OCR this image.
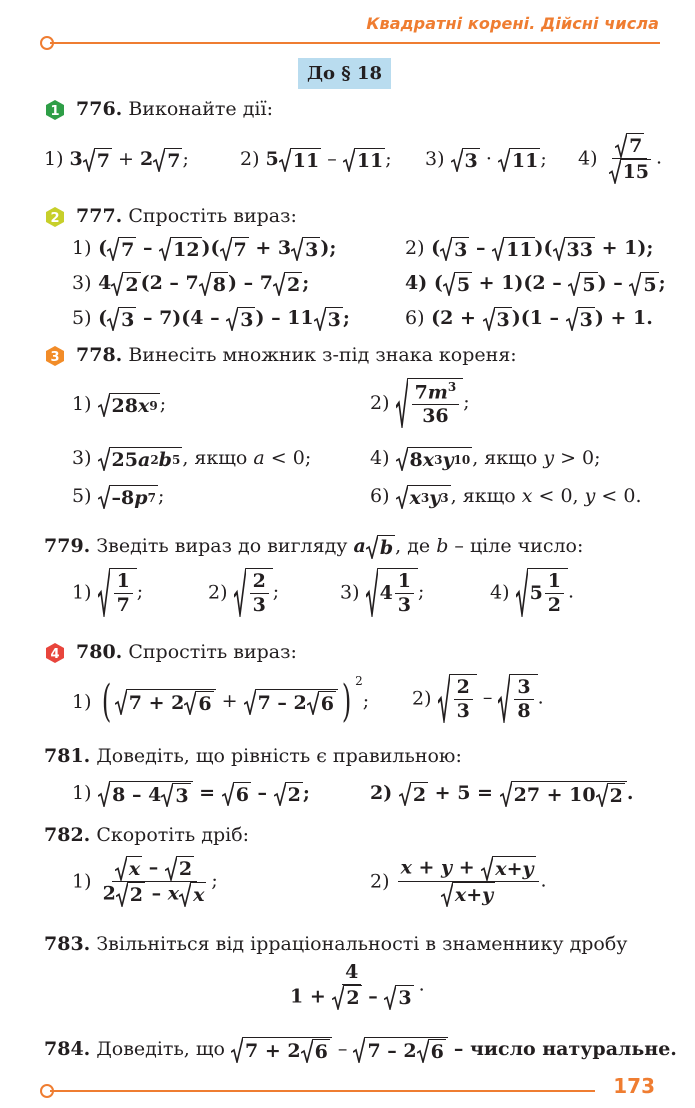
Квадратні корені. Дійсні числа
До § 18
1 776. Виконайте дії:
1) 3 7 + 2 7 ;	2) 5 11 – 11 ; 3) 3 · 11 ; $4) \frac{7}{15}$ .
2 777. Спростіть вираз:
1) ( 7 – 12 )( 7 + 3 3 );	2) ( 3 – 11 )( 33 + 1);
3) 4 2 (2 – 7 8 ) – 7 2 ;	4) ( 5 + 1)(2 – 5 ) – 5 ;
5) ( 3 – 7)(4 – 3 ) – 11 3 ;	6) (2 + 3 )(1 – 3 ) + 1.
3 778. Винесіть множник з-під знака кореня:
1) 28 x 9 ;	2) $7m^3$
36
;
3) 25 a 2 b 5 , якщо a < 0;	4) 8 x 3 y 10 , якщо y > 0;
5) –8 p 7 ;	6) x 3 y 3 , якщо x < 0, y < 0.
779. Зведіть вираз до вигляду a b , де b – ціле число:
1)
1
7
;	2)
2
3
;	3) 4
1
3
;	4) 5
1
2
.
4 780. Спростіть вираз:
1) ( 7 + 2 6 + 7 – 2 6 ) $^2$; 2)
2
3
– 3
8
.
781. Доведіть, що рівність є правильною:
1) 8 – 4 3 = 6 – 2 ;	2) 2 + 5 = 27 + 10 2 .
782. Скоротіть дріб:
$1) \frac{x - 2}{\text{2 2 – x x}}$ ;	$2) \frac{x + y + x + y}{x + y}$ .
783. Звільніться від ірраціональності в знаменнику дробу
$\frac{4}{1 + 2 - 3}$ .
784. Доведіть, що 7 + 2 6 – 7 – 2 6 – число натуральне.
173
